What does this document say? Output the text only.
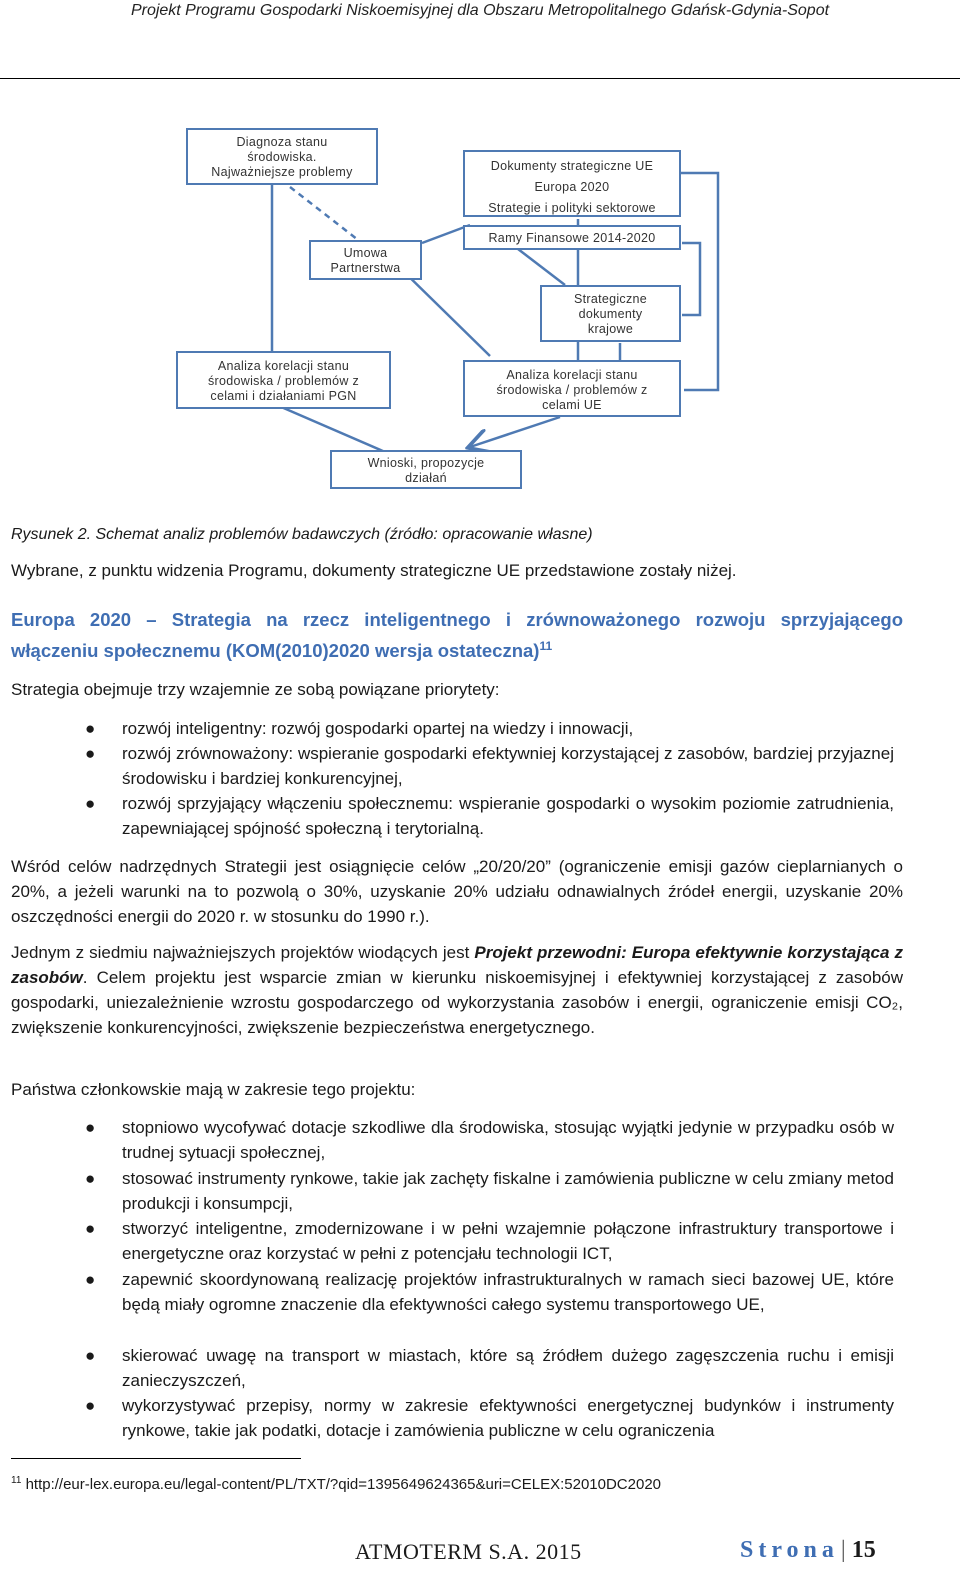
Projekt Programu Gospodarki Niskoemisyjnej dla Obszaru Metropolitalnego Gdańsk-Gdynia-Sopot
Diagnoza stanu
środowiska.
Najważniejsze problemy	Dokumenty strategiczne UE
Europa 2020
Strategie i polityki sektorowe
Ramy Finansowe 2014-2020
Umowa
Partnerstwa
Strategiczne
dokumenty
krajowe
Analiza korelacji stanu
środowiska / problemów z
celami i działaniami PGN
Analiza korelacji stanu
środowiska / problemów z
celami UE
Wnioski, propozycje
działań
Rysunek 2. Schemat analiz problemów badawczych (źródło: opracowanie własne)
Wybrane, z punktu widzenia Programu, dokumenty strategiczne UE przedstawione zostały niżej.
Europa 2020 – Strategia na rzecz inteligentnego i zrównoważonego rozwoju sprzyjającego
włączeniu społecznemu (KOM(2010)2020 wersja ostateczna)$^{11}$
Strategia obejmuje trzy wzajemnie ze sobą powiązane priorytety:
● rozwój inteligentny: rozwój gospodarki opartej na wiedzy i innowacji,
● rozwój zrównoważony: wspieranie gospodarki efektywniej korzystającej z zasobów, bardziej przyjaznej środowisku i bardziej konkurencyjnej,
● rozwój sprzyjający włączeniu społecznemu: wspieranie gospodarki o wysokim poziomie zatrudnienia, zapewniającej spójność społeczną i terytorialną.
Wśród celów nadrzędnych Strategii jest osiągnięcie celów „20/20/20” (ograniczenie emisji gazów cieplarnianych o 20%, a jeżeli warunki na to pozwolą o 30%, uzyskanie 20% udziału odnawialnych źródeł energii, uzyskanie 20% oszczędności energii do 2020 r. w stosunku do 1990 r.).
Jednym z siedmiu najważniejszych projektów wiodących jest Projekt przewodni: Europa efektywnie korzystająca z zasobów. Celem projektu jest wsparcie zmian w kierunku niskoemisyjnej i efektywniej korzystającej z zasobów gospodarki, uniezależnienie wzrostu gospodarczego od wykorzystania zasobów i energii, ograniczenie emisji CO₂, zwiększenie konkurencyjności, zwiększenie bezpieczeństwa energetycznego.
Państwa członkowskie mają w zakresie tego projektu:
● stopniowo wycofywać dotacje szkodliwe dla środowiska, stosując wyjątki jedynie w przypadku osób w trudnej sytuacji społecznej,
● stosować instrumenty rynkowe, takie jak zachęty fiskalne i zamówienia publiczne w celu zmiany metod produkcji i konsumpcji,
● stworzyć inteligentne, zmodernizowane i w pełni wzajemnie połączone infrastruktury transportowe i energetyczne oraz korzystać w pełni z potencjału technologii ICT,
● zapewnić skoordynowaną realizację projektów infrastrukturalnych w ramach sieci bazowej UE, które będą miały ogromne znaczenie dla efektywności całego systemu transportowego UE,
● skierować uwagę na transport w miastach, które są źródłem dużego zagęszczenia ruchu i emisji zanieczyszczeń,
● wykorzystywać przepisy, normy w zakresie efektywności energetycznej budynków i instrumenty rynkowe, takie jak podatki, dotacje i zamówienia publiczne w celu ograniczenia
$^{11}$ http://eur-lex.europa.eu/legal-content/PL/TXT/?qid=1395649624365&uri=CELEX:52010DC2020
ATMOTERM S.A. 2015	Strona| 15
